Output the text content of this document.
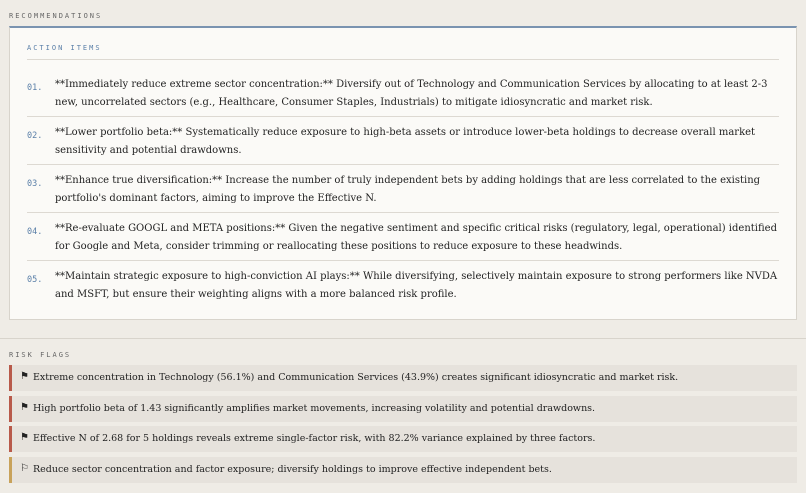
RECOMMENDATIONS
ACTION ITEMS
01. **Immediately reduce extreme sector concentration:** Diversify out of Technology and Communication Services by allocating to at least 2-3 new, uncorrelated sectors (e.g., Healthcare, Consumer Staples, Industrials) to mitigate idiosyncratic and market risk.
02. **Lower portfolio beta:** Systematically reduce exposure to high-beta assets or introduce lower-beta holdings to decrease overall market sensitivity and potential drawdowns.
03. **Enhance true diversification:** Increase the number of truly independent bets by adding holdings that are less correlated to the existing portfolio's dominant factors, aiming to improve the Effective N.
04. **Re-evaluate GOOGL and META positions:** Given the negative sentiment and specific critical risks (regulatory, legal, operational) identified for Google and Meta, consider trimming or reallocating these positions to reduce exposure to these headwinds.
05. **Maintain strategic exposure to high-conviction AI plays:** While diversifying, selectively maintain exposure to strong performers like NVDA and MSFT, but ensure their weighting aligns with a more balanced risk profile.
RISK FLAGS
⚑ Extreme concentration in Technology (56.1%) and Communication Services (43.9%) creates significant idiosyncratic and market risk.
⚑ High portfolio beta of 1.43 significantly amplifies market movements, increasing volatility and potential drawdowns.
⚑ Effective N of 2.68 for 5 holdings reveals extreme single-factor risk, with 82.2% variance explained by three factors.
⚐ Reduce sector concentration and factor exposure; diversify holdings to improve effective independent bets.
